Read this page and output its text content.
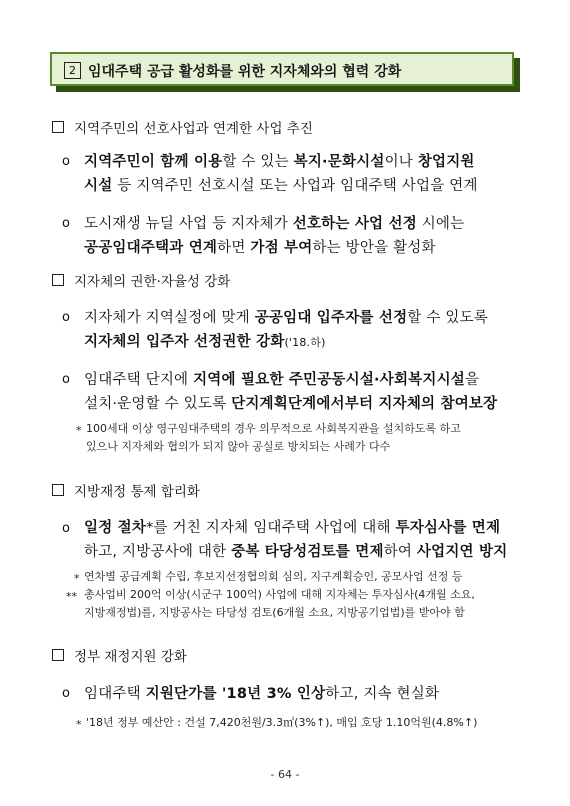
2 임대주택 공급 활성화를 위한 지자체와의 협력 강화
지역주민의 선호사업과 연계한 사업 추진
o 지역주민이 함께 이용할 수 있는 복지·문화시설이나 창업지원
시설 등 지역주민 선호시설 또는 사업과 임대주택 사업을 연계
o 도시재생 뉴딜 사업 등 지자체가 선호하는 사업 선정 시에는
공공임대주택과 연계하면 가점 부여하는 방안을 활성화
지자체의 권한·자율성 강화
o 지자체가 지역실정에 맞게 공공임대 입주자를 선정할 수 있도록
지자체의 입주자 선정권한 강화('18.하)
o 임대주택 단지에 지역에 필요한 주민공동시설·사회복지시설을
설치·운영할 수 있도록 단지계획단계에서부터 지자체의 참여보장
* 100세대 이상 영구임대주택의 경우 의무적으로 사회복지관을 설치하도록 하고
있으나 지자체와 협의가 되지 않아 공실로 방치되는 사례가 다수
지방재정 통제 합리화
o 일정 절차*를 거친 지자체 임대주택 사업에 대해 투자심사를 면제
하고, 지방공사에 대한 중복 타당성검토를 면제하여 사업지연 방지
* 연차별 공급계획 수립, 후보지선정협의회 심의, 지구계획승인, 공모사업 선정 등
** 총사업비 200억 이상(시군구 100억) 사업에 대해 지자체는 투자심사(4개월 소요,
지방재정법)를, 지방공사는 타당성 검토(6개월 소요, 지방공기업법)를 받아야 함
정부 재정지원 강화
o 임대주택 지원단가를 '18년 3% 인상하고, 지속 현실화
* '18년 정부 예산안 : 건설 7,420천원/3.3㎡(3%↑), 매입 호당 1.10억원(4.8%↑)
- 64 -
